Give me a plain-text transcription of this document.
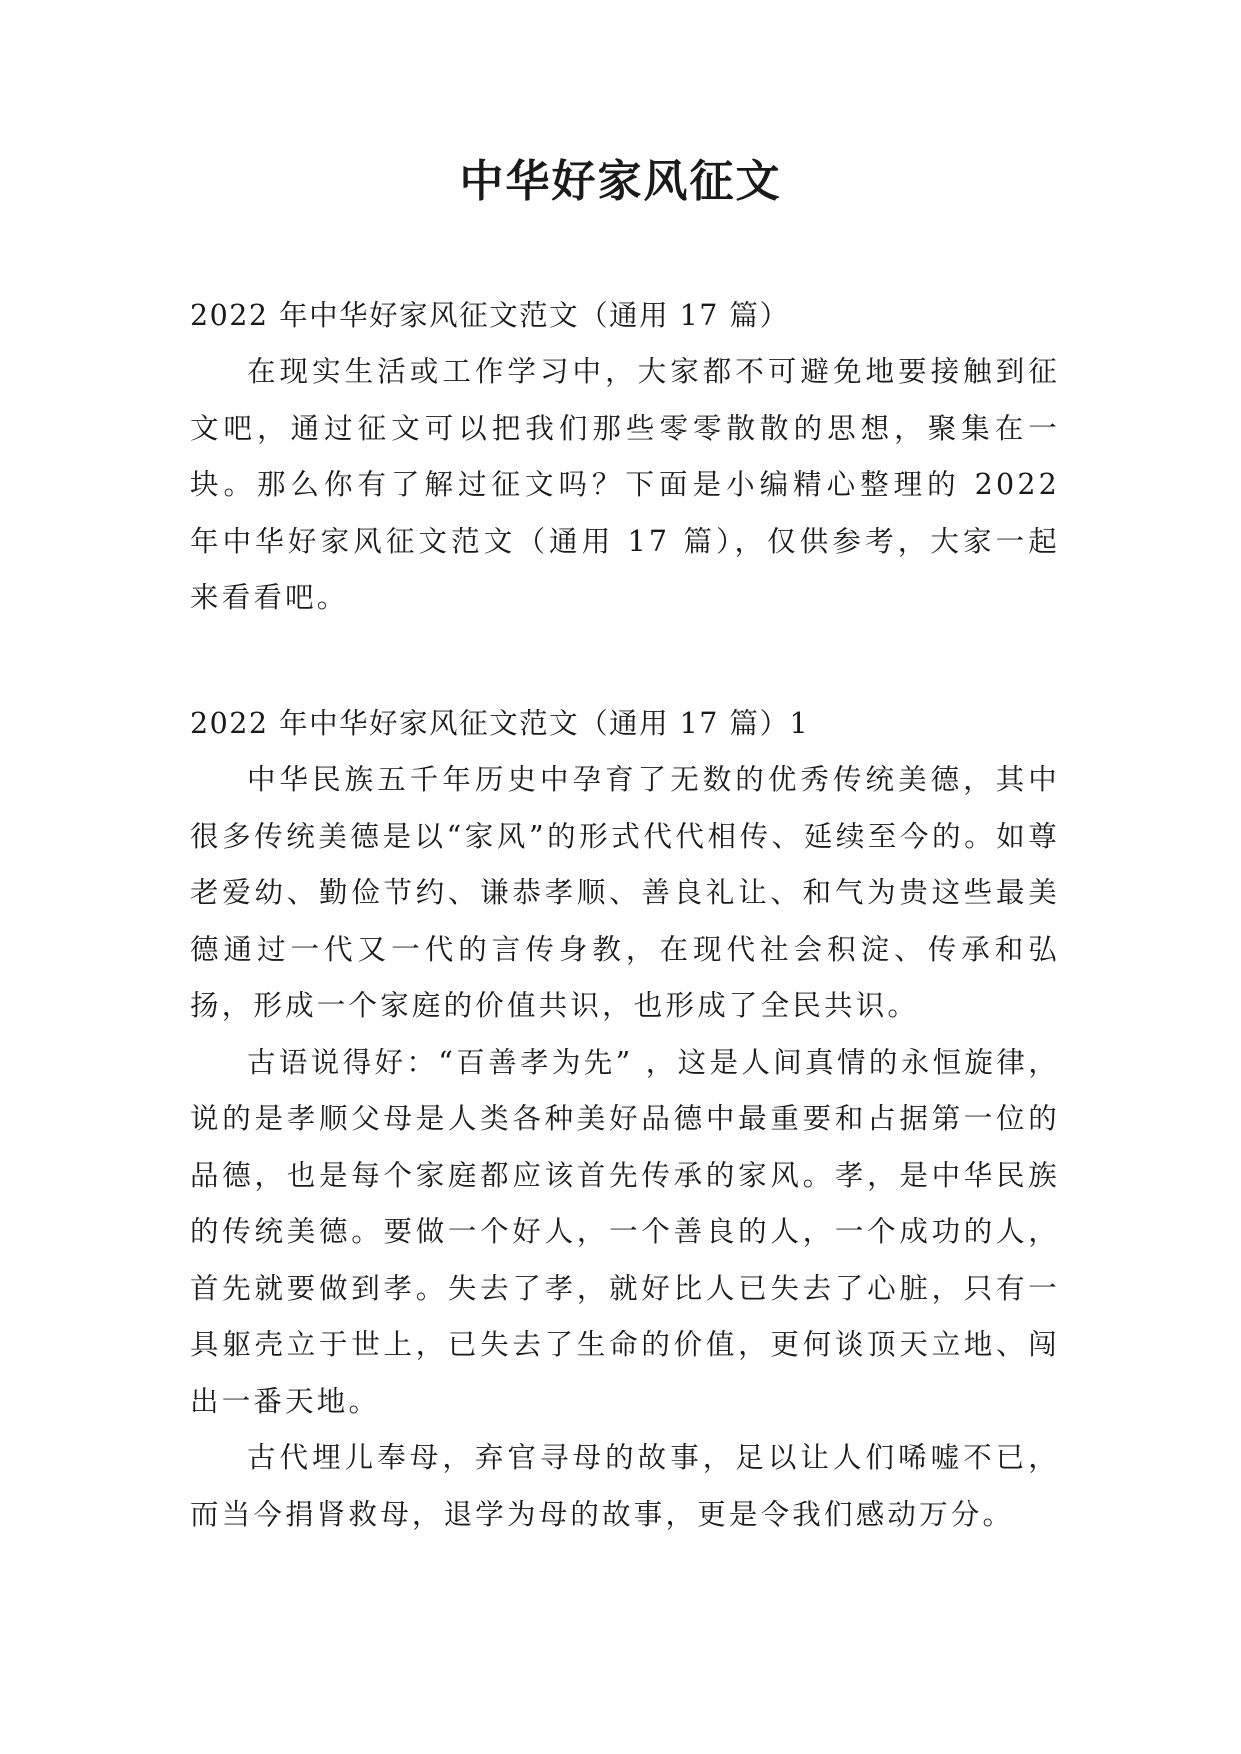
中华好家风征文
2022 年中华好家风征文范文（通用 17 篇）

在现实生活或工作学习中，大家都不可避免地要接触到征文吧，通过征文可以把我们那些零零散散的思想，聚集在一块。那么你有了解过征文吗？下面是小编精心整理的 2022 年中华好家风征文范文（通用 17 篇），仅供参考，大家一起来看看吧。

2022 年中华好家风征文范文（通用 17 篇）1

中华民族五千年历史中孕育了无数的优秀传统美德，其中很多传统美德是以“家风”的形式代代相传、延续至今的。如尊老爱幼、勤俭节约、谦恭孝顺、善良礼让、和气为贵这些最美德通过一代又一代的言传身教，在现代社会积淀、传承和弘扬，形成一个家庭的价值共识，也形成了全民共识。

古语说得好：“百善孝为先” ，这是人间真情的永恒旋律，说的是孝顺父母是人类各种美好品德中最重要和占据第一位的品德，也是每个家庭都应该首先传承的家风。孝，是中华民族的传统美德。要做一个好人，一个善良的人，一个成功的人，首先就要做到孝。失去了孝，就好比人已失去了心脏，只有一具躯壳立于世上，已失去了生命的价值，更何谈顶天立地、闯出一番天地。

古代埋儿奉母，弃官寻母的故事，足以让人们唏嘘不已，而当今捐肾救母，退学为母的故事，更是令我们感动万分。
